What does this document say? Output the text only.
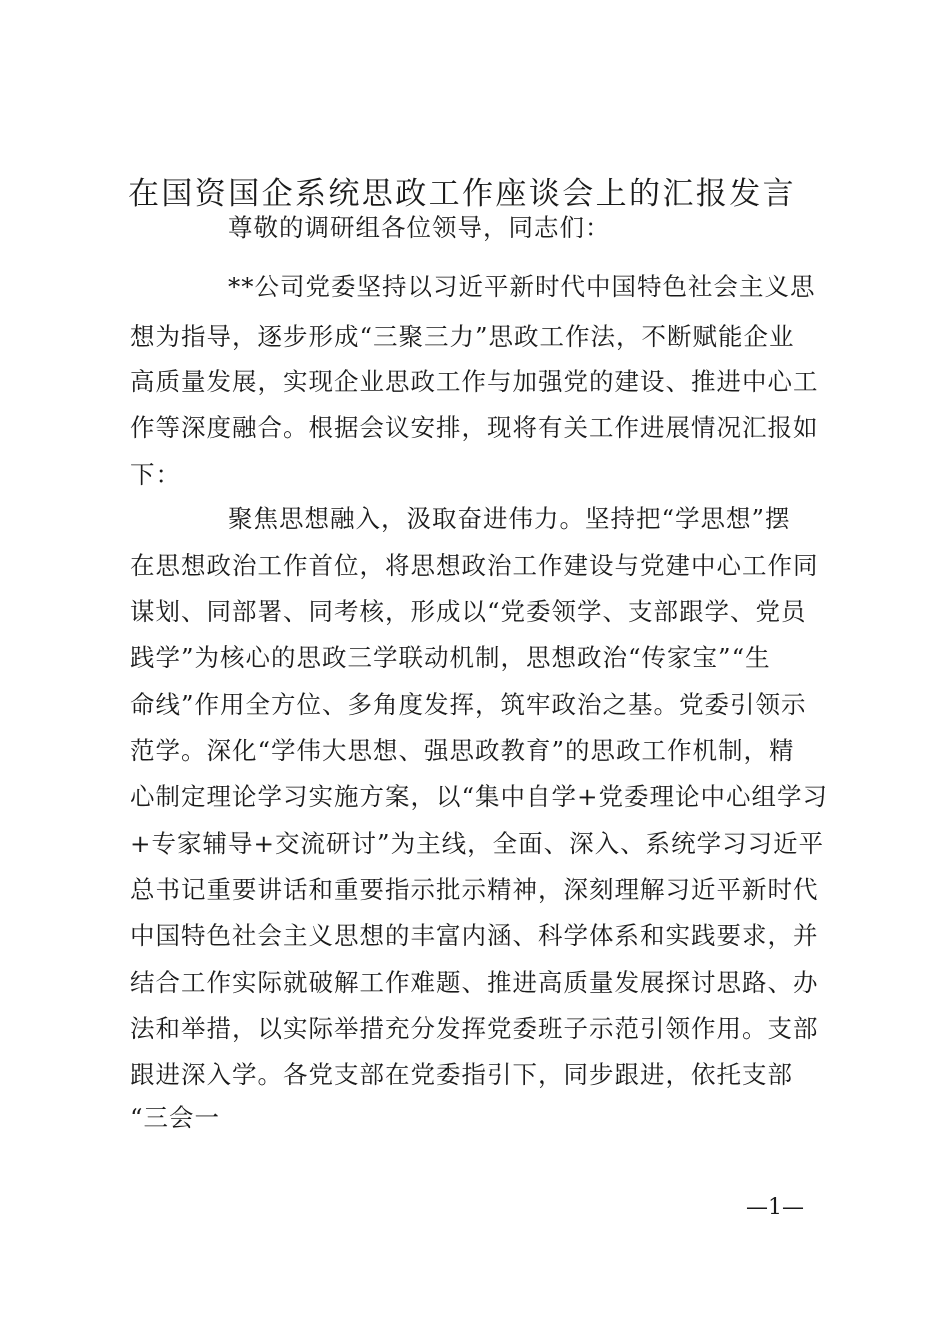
在国资国企系统思政工作座谈会上的汇报发言

尊敬的调研组各位领导，同志们：

**公司党委坚持以习近平新时代中国特色社会主义思

想为指导，逐步形成“三聚三力”思政工作法，不断赋能企业

高质量发展，实现企业思政工作与加强党的建设、推进中心工

作等深度融合。根据会议安排，现将有关工作进展情况汇报如

下：

聚焦思想融入，汲取奋进伟力。坚持把“学思想”摆

在思想政治工作首位，将思想政治工作建设与党建中心工作同

谋划、同部署、同考核，形成以“党委领学、支部跟学、党员

践学”为核心的思政三学联动机制，思想政治“传家宝”“生

命线”作用全方位、多角度发挥，筑牢政治之基。党委引领示

范学。深化“学伟大思想、强思政教育”的思政工作机制，精

心制定理论学习实施方案，以“集中自学+党委理论中心组学习

+专家辅导+交流研讨”为主线，全面、深入、系统学习习近平

总书记重要讲话和重要指示批示精神，深刻理解习近平新时代

中国特色社会主义思想的丰富内涵、科学体系和实践要求，并

结合工作实际就破解工作难题、推进高质量发展探讨思路、办

法和举措，以实际举措充分发挥党委班子示范引领作用。支部

跟进深入学。各党支部在党委指引下，同步跟进，依托支部

“三会一

—1—
